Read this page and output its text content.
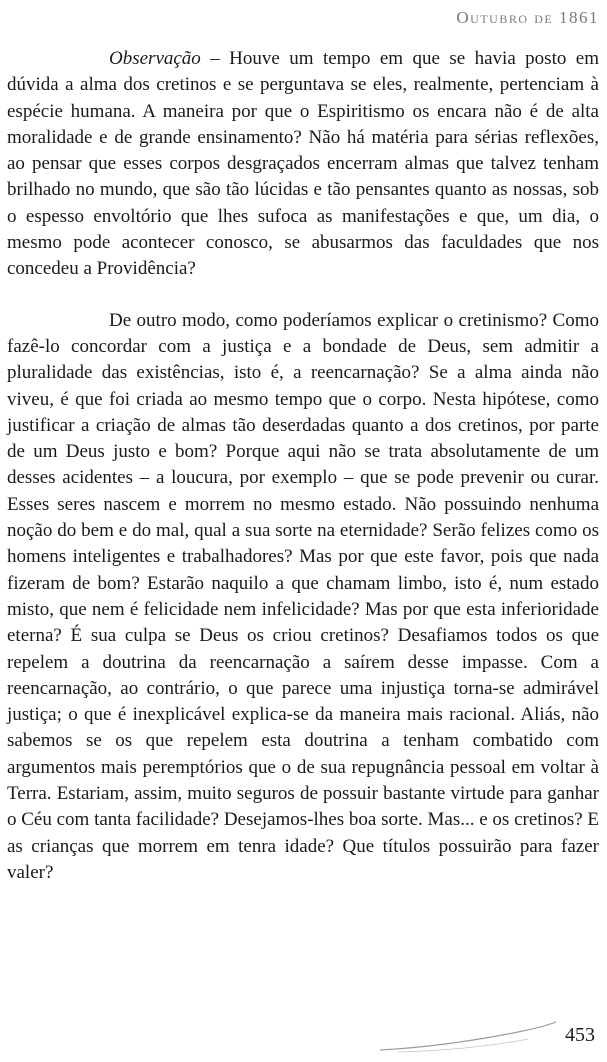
Outubro de 1861

Observação – Houve um tempo em que se havia posto em dúvida a alma dos cretinos e se perguntava se eles, realmente, pertenciam à espécie humana. A maneira por que o Espiritismo os encara não é de alta moralidade e de grande ensinamento? Não há matéria para sérias reflexões, ao pensar que esses corpos desgraçados encerram almas que talvez tenham brilhado no mundo, que são tão lúcidas e tão pensantes quanto as nossas, sob o espesso envoltório que lhes sufoca as manifestações e que, um dia, o mesmo pode acontecer conosco, se abusarmos das faculdades que nos concedeu a Providência?

De outro modo, como poderíamos explicar o cretinismo? Como fazê-lo concordar com a justiça e a bondade de Deus, sem admitir a pluralidade das existências, isto é, a reencarnação? Se a alma ainda não viveu, é que foi criada ao mesmo tempo que o corpo. Nesta hipótese, como justificar a criação de almas tão deserdadas quanto a dos cretinos, por parte de um Deus justo e bom? Porque aqui não se trata absolutamente de um desses acidentes – a loucura, por exemplo – que se pode prevenir ou curar. Esses seres nascem e morrem no mesmo estado. Não possuindo nenhuma noção do bem e do mal, qual a sua sorte na eternidade? Serão felizes como os homens inteligentes e trabalhadores? Mas por que este favor, pois que nada fizeram de bom? Estarão naquilo a que chamam limbo, isto é, num estado misto, que nem é felicidade nem infelicidade? Mas por que esta inferioridade eterna? É sua culpa se Deus os criou cretinos? Desafiamos todos os que repelem a doutrina da reencarnação a saírem desse impasse. Com a reencarnação, ao contrário, o que parece uma injustiça torna-se admirável justiça; o que é inexplicável explica-se da maneira mais racional. Aliás, não sabemos se os que repelem esta doutrina a tenham combatido com argumentos mais peremptórios que o de sua repugnância pessoal em voltar à Terra. Estariam, assim, muito seguros de possuir bastante virtude para ganhar o Céu com tanta facilidade? Desejamos-lhes boa sorte. Mas... e os cretinos? E as crianças que morrem em tenra idade? Que títulos possuirão para fazer valer?

453
